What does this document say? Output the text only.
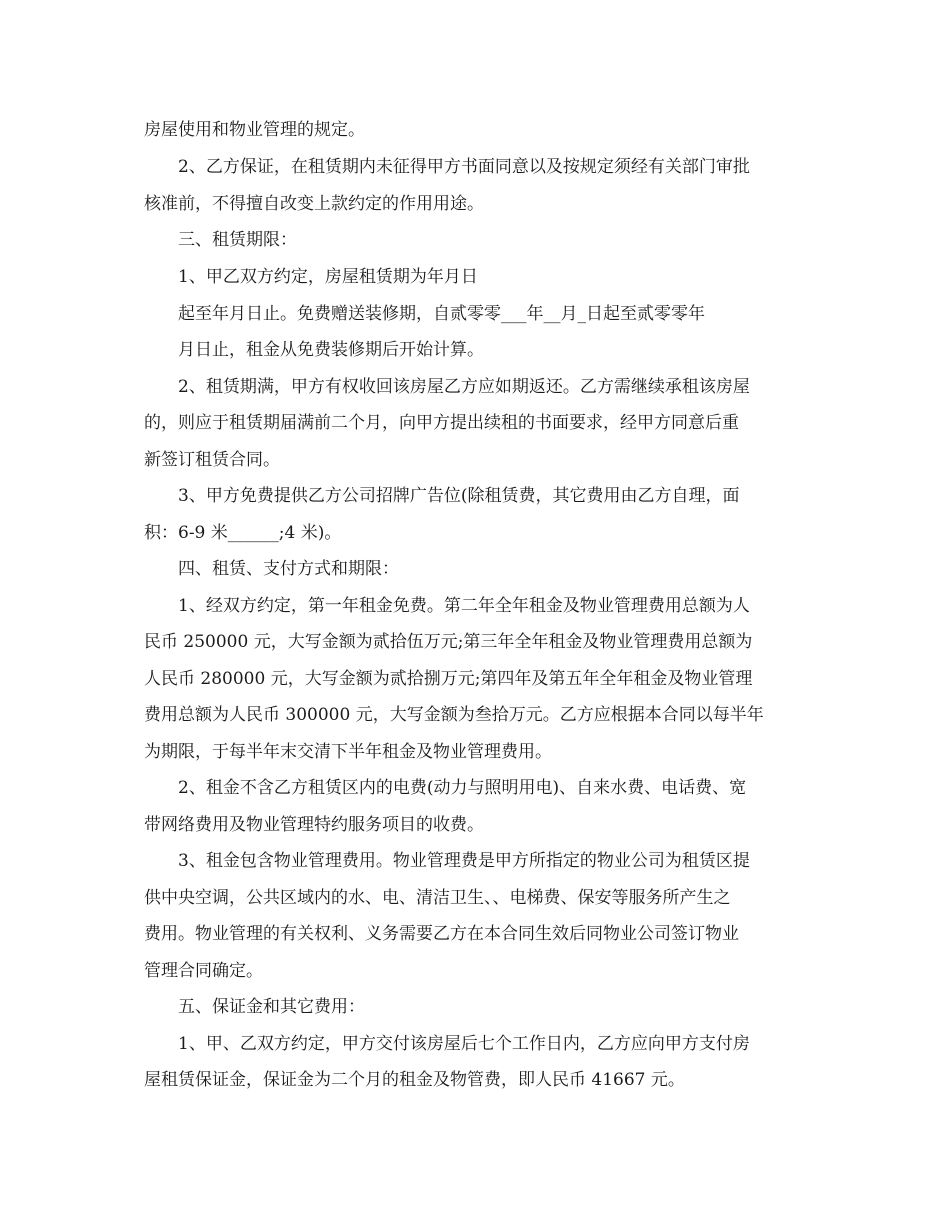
房屋使用和物业管理的规定。
2、乙方保证，在租赁期内未征得甲方书面同意以及按规定须经有关部门审批
核准前，不得擅自改变上款约定的作用用途。
三、租赁期限：
1、甲乙双方约定，房屋租赁期为年月日
起至年月日止。免费赠送装修期，自贰零零___年__月_日起至贰零零年
月日止，租金从免费装修期后开始计算。
2、租赁期满，甲方有权收回该房屋乙方应如期返还。乙方需继续承租该房屋
的，则应于租赁期届满前二个月，向甲方提出续租的书面要求，经甲方同意后重
新签订租赁合同。
3、甲方免费提供乙方公司招牌广告位(除租赁费，其它费用由乙方自理，面
积：6-9 米______;4 米)。
四、租赁、支付方式和期限：
1、经双方约定，第一年租金免费。第二年全年租金及物业管理费用总额为人
民币 250000 元，大写金额为贰拾伍万元;第三年全年租金及物业管理费用总额为
人民币 280000 元，大写金额为贰拾捌万元;第四年及第五年全年租金及物业管理
费用总额为人民币 300000 元，大写金额为叁拾万元。乙方应根据本合同以每半年
为期限，于每半年末交清下半年租金及物业管理费用。
2、租金不含乙方租赁区内的电费(动力与照明用电)、自来水费、电话费、宽
带网络费用及物业管理特约服务项目的收费。
3、租金包含物业管理费用。物业管理费是甲方所指定的物业公司为租赁区提
供中央空调，公共区域内的水、电、清洁卫生、、电梯费、保安等服务所产生之
费用。物业管理的有关权利、义务需要乙方在本合同生效后同物业公司签订物业
管理合同确定。
五、保证金和其它费用：
1、甲、乙双方约定，甲方交付该房屋后七个工作日内，乙方应向甲方支付房
屋租赁保证金，保证金为二个月的租金及物管费，即人民币 41667 元。
